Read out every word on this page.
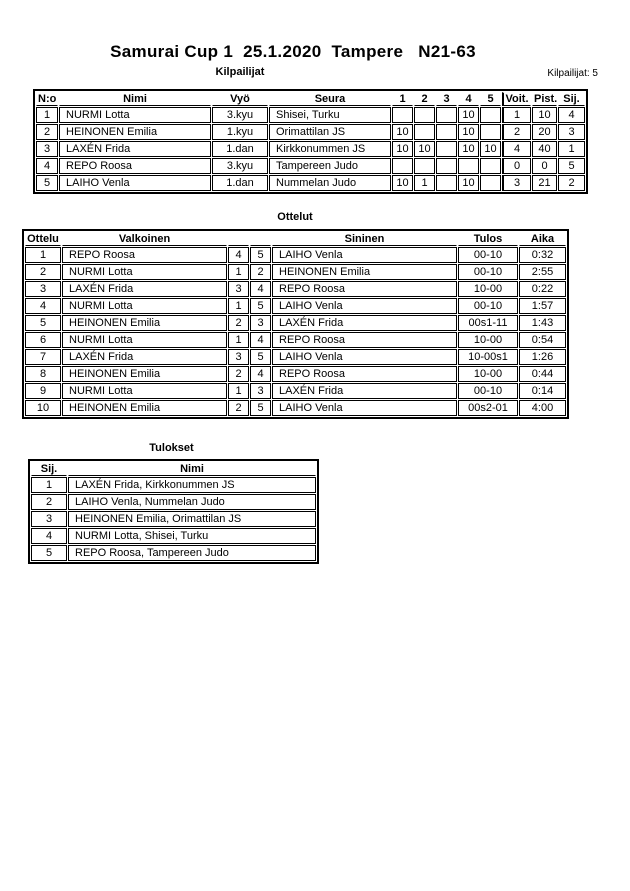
Samurai Cup 1  25.1.2020  Tampere   N21-63
Kilpailijat	Kilpailijat: 5
N:o	Nimi	Vyö	Seura	1	2	3	4	5	Voit.	Pist.	Sij.
1	NURMI Lotta	3.kyu	Shisei, Turku				10		1	10	4
2	HEINONEN Emilia	1.kyu	Orimattilan JS	10			10		2	20	3
3	LAXÉN Frida	1.dan	Kirkkonummen JS	10	10		10	10	4	40	1
4	REPO Roosa	3.kyu	Tampereen Judo						0	0	5
5	LAIHO Venla	1.dan	Nummelan Judo	10	1		10		3	21	2
Ottelut
Ottelu	Valkoinen			Sininen	Tulos	Aika
1	REPO Roosa	4	5	LAIHO Venla	00-10	0:32
2	NURMI Lotta	1	2	HEINONEN Emilia	00-10	2:55
3	LAXÉN Frida	3	4	REPO Roosa	10-00	0:22
4	NURMI Lotta	1	5	LAIHO Venla	00-10	1:57
5	HEINONEN Emilia	2	3	LAXÉN Frida	00s1-11	1:43
6	NURMI Lotta	1	4	REPO Roosa	10-00	0:54
7	LAXÉN Frida	3	5	LAIHO Venla	10-00s1	1:26
8	HEINONEN Emilia	2	4	REPO Roosa	10-00	0:44
9	NURMI Lotta	1	3	LAXÉN Frida	00-10	0:14
10	HEINONEN Emilia	2	5	LAIHO Venla	00s2-01	4:00
Tulokset
Sij.	Nimi
1	LAXÉN Frida, Kirkkonummen JS
2	LAIHO Venla, Nummelan Judo
3	HEINONEN Emilia, Orimattilan JS
4	NURMI Lotta, Shisei, Turku
5	REPO Roosa, Tampereen Judo
